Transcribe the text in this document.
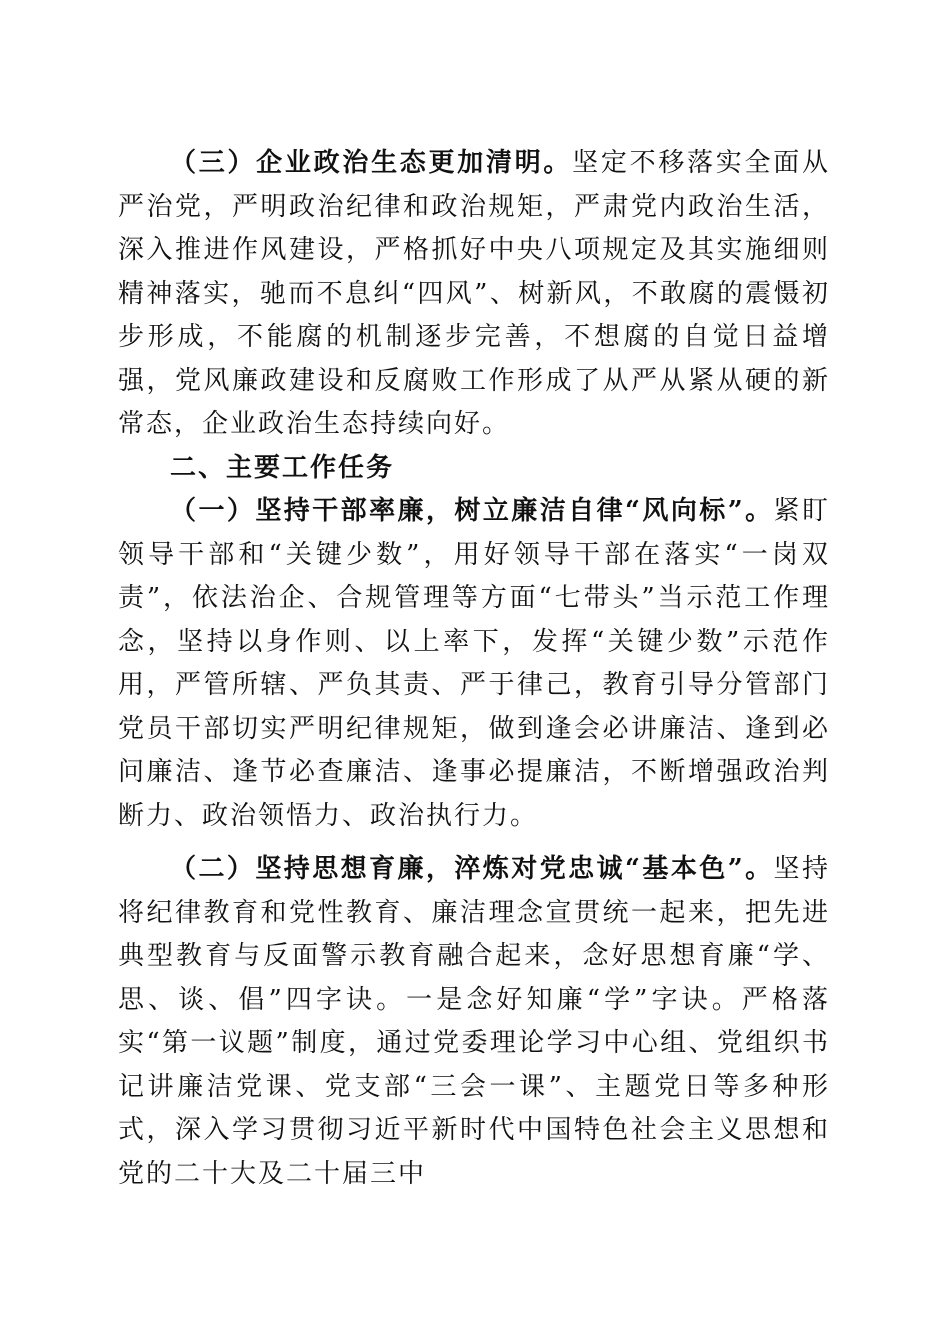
（三）企业政治生态更加清明。坚定不移落实全面从严治党，严明政治纪律和政治规矩，严肃党内政治生活，深入推进作风建设，严格抓好中央八项规定及其实施细则精神落实，驰而不息纠“四风”、树新风，不敢腐的震慑初步形成，不能腐的机制逐步完善，不想腐的自觉日益增强，党风廉政建设和反腐败工作形成了从严从紧从硬的新常态，企业政治生态持续向好。

二、主要工作任务

（一）坚持干部率廉，树立廉洁自律“风向标”。紧盯领导干部和“关键少数”，用好领导干部在落实“一岗双责”，依法治企、合规管理等方面“七带头”当示范工作理念，坚持以身作则、以上率下，发挥“关键少数”示范作用，严管所辖、严负其责、严于律己，教育引导分管部门党员干部切实严明纪律规矩，做到逢会必讲廉洁、逢到必问廉洁、逢节必查廉洁、逢事必提廉洁，不断增强政治判断力、政治领悟力、政治执行力。

（二）坚持思想育廉，淬炼对党忠诚“基本色”。坚持将纪律教育和党性教育、廉洁理念宣贯统一起来，把先进典型教育与反面警示教育融合起来，念好思想育廉“学、思、谈、倡”四字诀。一是念好知廉“学”字诀。严格落实“第一议题”制度，通过党委理论学习中心组、党组织书记讲廉洁党课、党支部“三会一课”、主题党日等多种形式，深入学习贯彻习近平新时代中国特色社会主义思想和党的二十大及二十届三中
